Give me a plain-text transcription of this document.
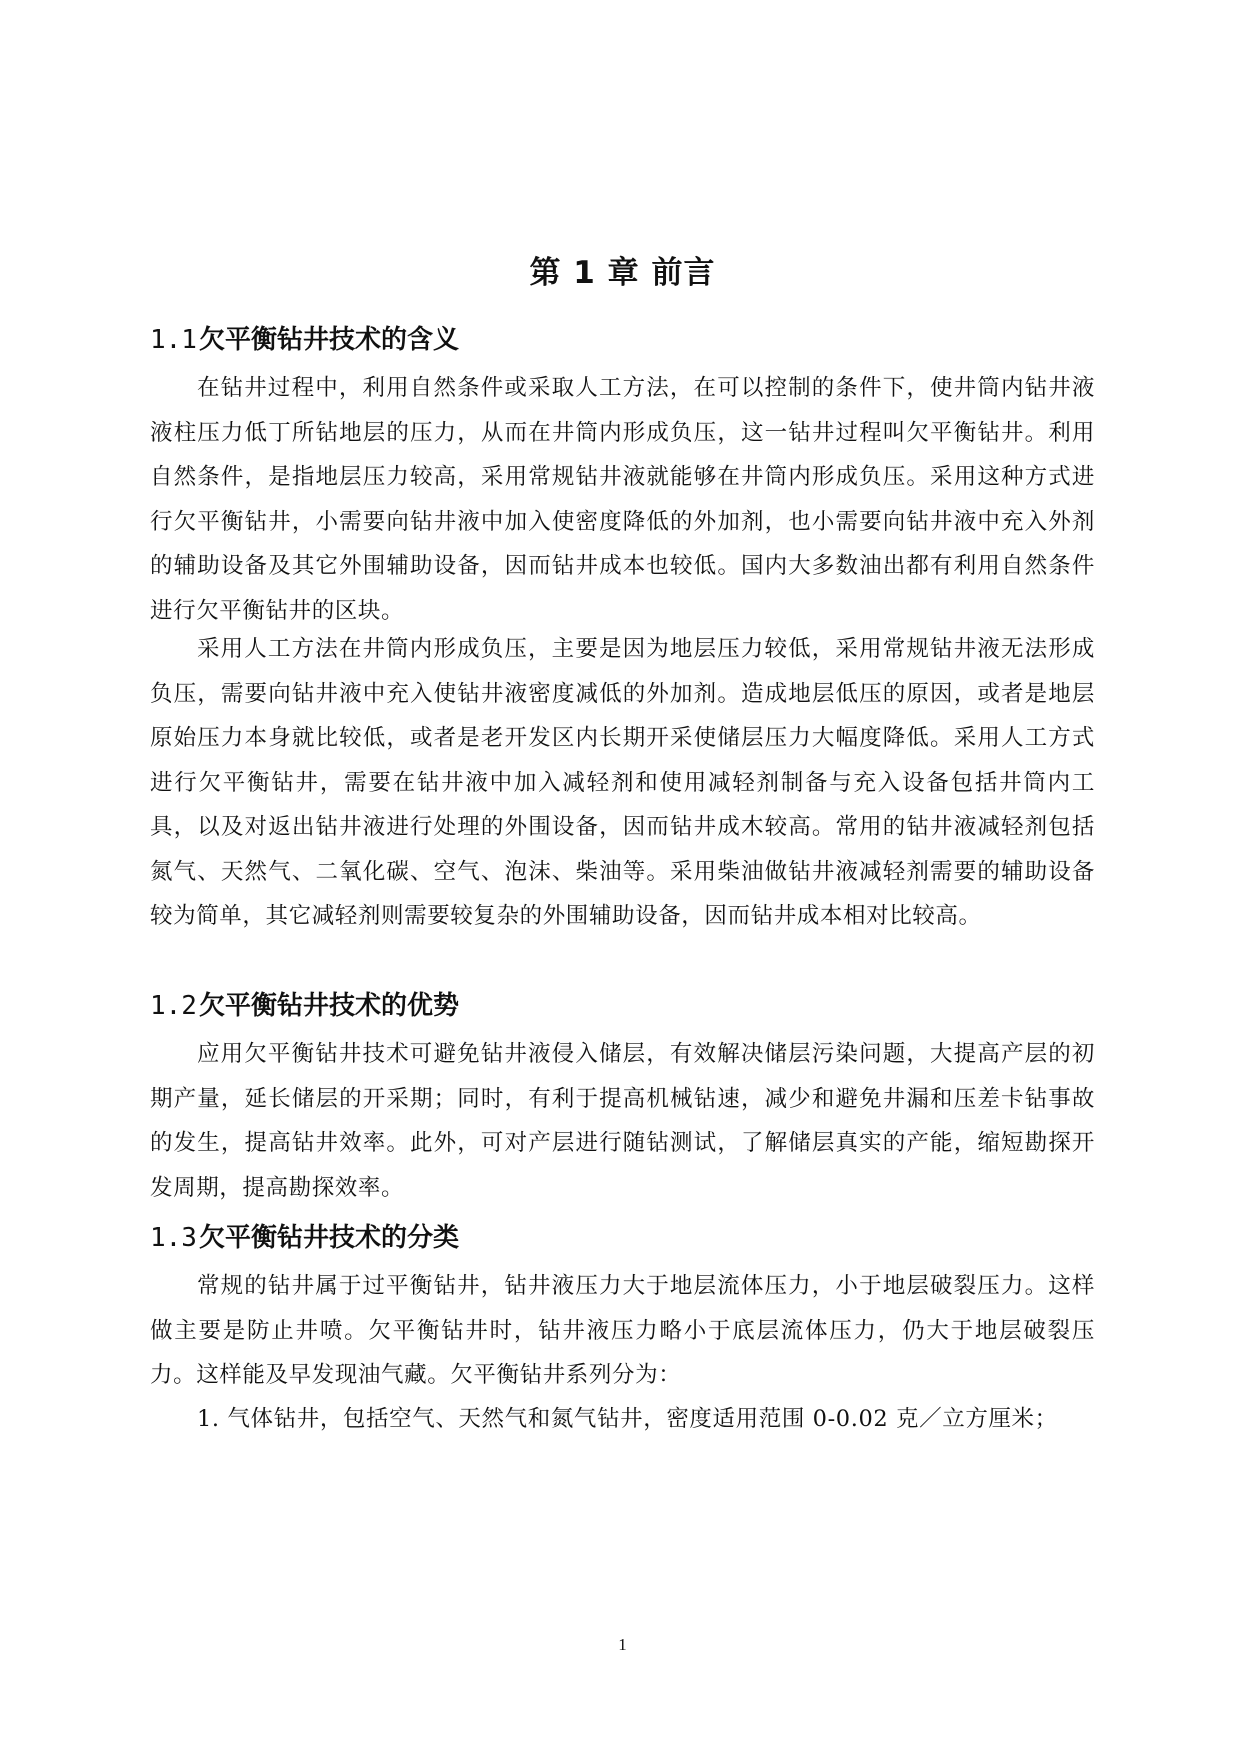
第 1 章 前言
1.1欠平衡钻井技术的含义

在钻井过程中，利用自然条件或采取人工方法，在可以控制的条件下，使井筒内钻井液液柱压力低丁所钻地层的压力，从而在井筒内形成负压，这一钻井过程叫欠平衡钻井。利用自然条件，是指地层压力较高，采用常规钻井液就能够在井筒内形成负压。采用这种方式进行欠平衡钻井，小需要向钻井液中加入使密度降低的外加剂，也小需要向钻井液中充入外剂的辅助设备及其它外围辅助设备，因而钻井成本也较低。国内大多数油出都有利用自然条件进行欠平衡钻井的区块。

采用人工方法在井筒内形成负压，主要是因为地层压力较低，采用常规钻井液无法形成负压，需要向钻井液中充入使钻井液密度减低的外加剂。造成地层低压的原因，或者是地层原始压力本身就比较低，或者是老开发区内长期开采使储层压力大幅度降低。采用人工方式进行欠平衡钻井，需要在钻井液中加入减轻剂和使用减轻剂制备与充入设备包括井筒内工具，以及对返出钻井液进行处理的外围设备，因而钻井成木较高。常用的钻井液减轻剂包括氮气、天然气、二氧化碳、空气、泡沫、柴油等。采用柴油做钻井液减轻剂需要的辅助设备较为简单，其它减轻剂则需要较复杂的外围辅助设备，因而钻井成本相对比较高。

1.2欠平衡钻井技术的优势

应用欠平衡钻井技术可避免钻井液侵入储层，有效解决储层污染问题，大提高产层的初期产量，延长储层的开采期；同时，有利于提高机械钻速，减少和避免井漏和压差卡钻事故的发生，提高钻井效率。此外，可对产层进行随钻测试，了解储层真实的产能，缩短勘探开发周期，提高勘探效率。

1.3欠平衡钻井技术的分类

常规的钻井属于过平衡钻井，钻井液压力大于地层流体压力，小于地层破裂压力。这样做主要是防止井喷。欠平衡钻井时，钻井液压力略小于底层流体压力，仍大于地层破裂压力。这样能及早发现油气藏。欠平衡钻井系列分为：

1. 气体钻井，包括空气、天然气和氮气钻井，密度适用范围 0-0.02 克／立方厘米；

1
